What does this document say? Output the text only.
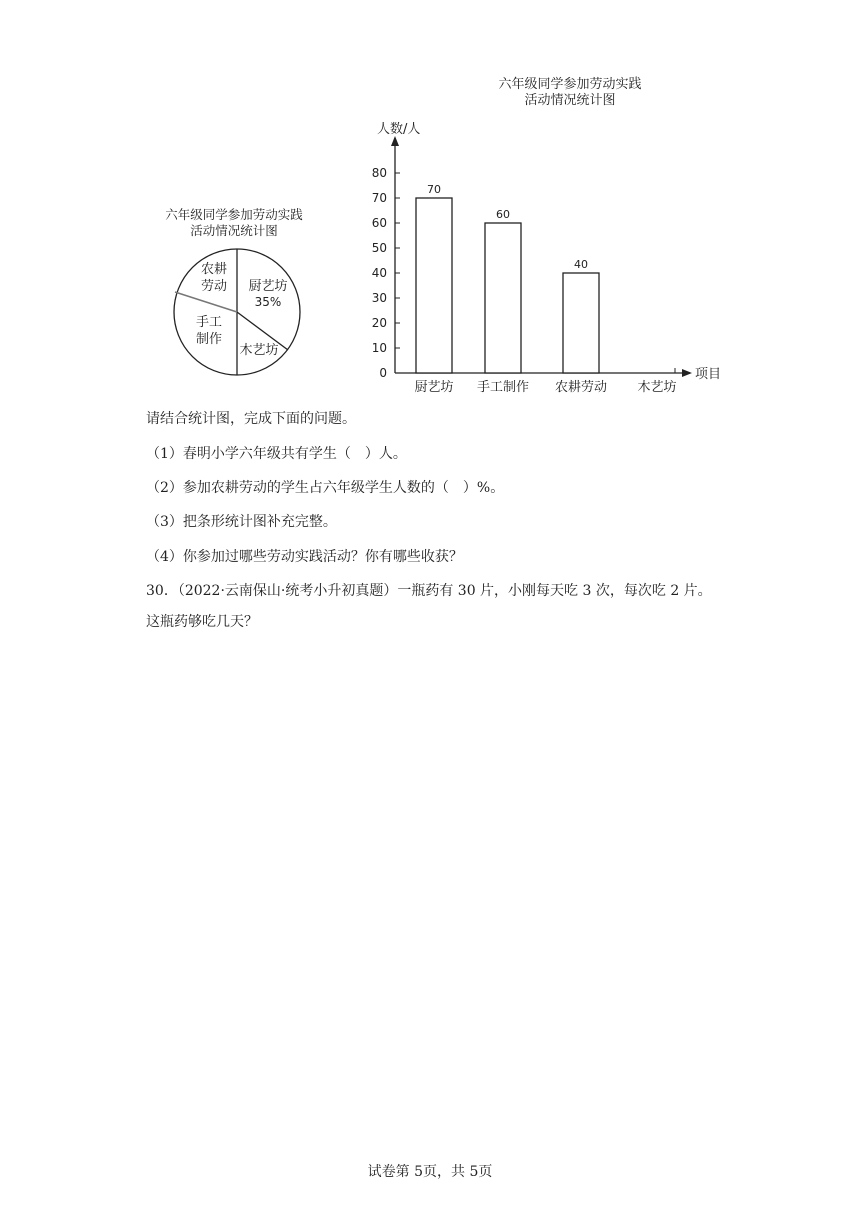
六年级同学参加劳动实践
活动情况统计图
农耕
劳动 厨艺坊
35%
手工
制作
木艺坊
六年级同学参加劳动实践
活动情况统计图
人数/人
项目
0
10
20
30
40
50
60
70
80
厨艺坊 手工制作 农耕劳动 木艺坊
70
60
40
请结合统计图，完成下面的问题。
（1）春明小学六年级共有学生（　）人。
（2）参加农耕劳动的学生占六年级学生人数的（　）%。
（3）把条形统计图补充完整。
（4）你参加过哪些劳动实践活动？你有哪些收获？
30．（2022·云南保山·统考小升初真题）一瓶药有 30 片，小刚每天吃 3 次，每次吃 2 片。
这瓶药够吃几天？
试卷第 5页，共 5页
